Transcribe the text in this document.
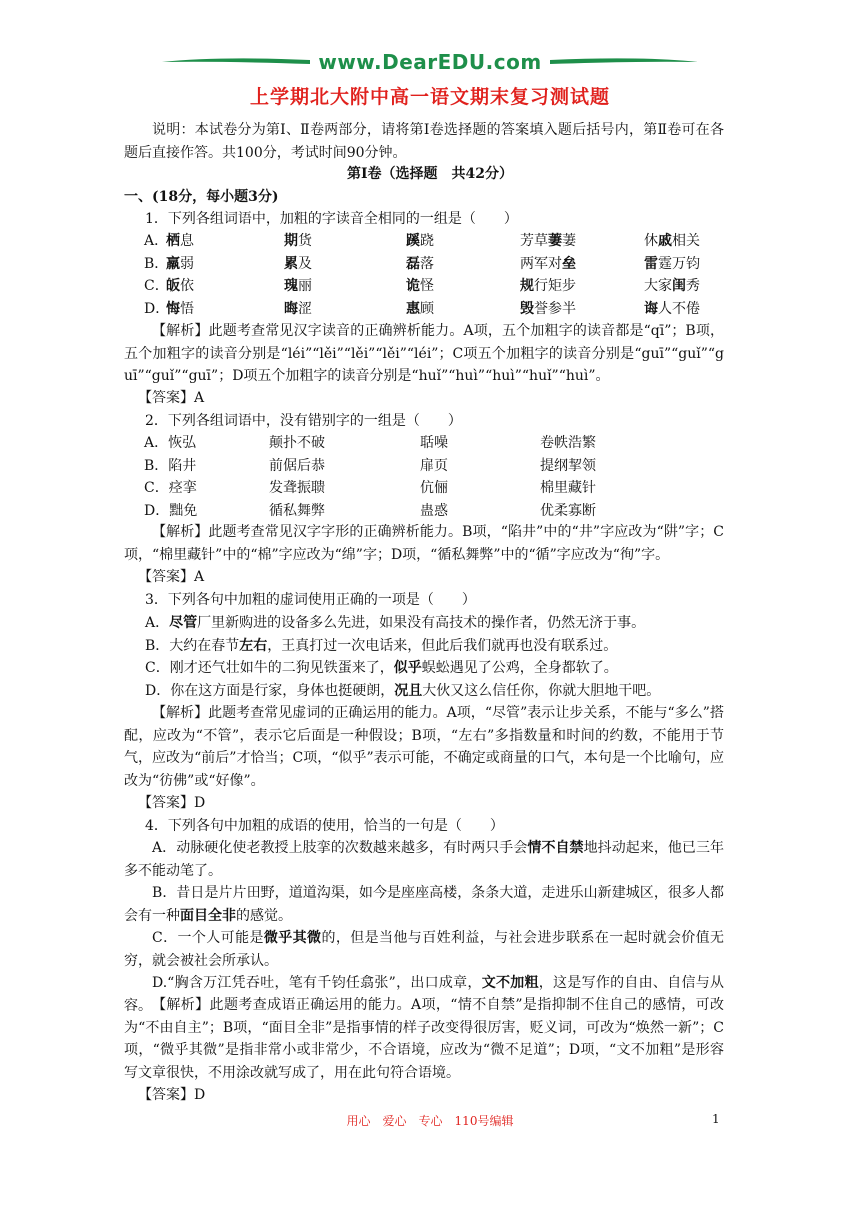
www.DearEDU.com
上学期北大附中高一语文期末复习测试题
说明：本试卷分为第Ⅰ、Ⅱ卷两部分，请将第Ⅰ卷选择题的答案填入题后括号内，第Ⅱ卷可在各题后直接作答。共100分，考试时间90分钟。
第Ⅰ卷（选择题　共42分）
一、(18分，每小题3分)
1．下列各组词语中，加粗的字读音全相同的一组是（　　）
A．
栖息	期货	蹊跷	芳草萋萋	休戚相关
B．
羸弱	累及	磊落	两军对垒	雷霆万钧
C．
皈依	瑰丽	诡怪	规行矩步	大家闺秀
D．
悔悟	晦涩	惠顾	毁誉参半	诲人不倦
【解析】此题考查常见汉字读音的正确辨析能力。A项，五个加粗字的读音都是“qī”；B项，五个加粗字的读音分别是“léi”“lěi”“lěi”“lěi”“léi”；C项五个加粗字的读音分别是“guī”“guǐ”“guī”“guǐ”“guī”；D项五个加粗字的读音分别是“huǐ”“huì”“huì”“huǐ”“huì”。
【答案】A
2．下列各组词语中，没有错别字的一组是（　　）
A．恢弘	颠扑不破	聒噪	卷帙浩繁
B．陷井	前倨后恭	扉页	提纲挈领
C．痉挛	发聋振聩	伉俪	棉里藏针
D．黜免	循私舞弊	蛊惑	优柔寡断
【解析】此题考查常见汉字字形的正确辨析能力。B项，“陷井”中的“井”字应改为“阱”字；C项，“棉里藏针”中的“棉”字应改为“绵”字；D项，“循私舞弊”中的“循”字应改为“徇”字。
【答案】A
3．下列各句中加粗的虚词使用正确的一项是（　　）
A．尽管厂里新购进的设备多么先进，如果没有高技术的操作者，仍然无济于事。
B．大约在春节左右，王真打过一次电话来，但此后我们就再也没有联系过。
C．刚才还气壮如牛的二狗见铁蛋来了，似乎蜈蚣遇见了公鸡，全身都软了。
D．你在这方面是行家，身体也挺硬朗，况且大伙又这么信任你，你就大胆地干吧。
【解析】此题考查常见虚词的正确运用的能力。A项，“尽管”表示让步关系，不能与“多么”搭配，应改为“不管”，表示它后面是一种假设；B项，“左右”多指数量和时间的约数，不能用于节气，应改为“前后”才恰当；C项，“似乎”表示可能，不确定或商量的口气，本句是一个比喻句，应改为“彷佛”或“好像”。
【答案】D
4．下列各句中加粗的成语的使用，恰当的一句是（　　）
A．动脉硬化使老教授上肢挛的次数越来越多，有时两只手会情不自禁地抖动起来，他已三年多不能动笔了。
B．昔日是片片田野，道道沟渠，如今是座座高楼，条条大道，走进乐山新建城区，很多人都会有一种面目全非的感觉。
C．一个人可能是微乎其微的，但是当他与百姓利益，与社会进步联系在一起时就会价值无穷，就会被社会所承认。
D.“胸含万江凭吞吐，笔有千钧任翕张”，出口成章，文不加粗，这是写作的自由、自信与从容。 【解析】此题考查成语正确运用的能力。A项，“情不自禁”是指抑制不住自己的感情，可改为“不由自主”；B项，“面目全非”是指事情的样子改变得很厉害，贬义词，可改为“焕然一新”；C项，“微乎其微”是指非常小或非常少，不合语境，应改为“微不足道”；D项，“文不加粗”是形容写文章很快，不用涂改就写成了，用在此句符合语境。
【答案】D
用心　爱心　专心　110号编辑	1
